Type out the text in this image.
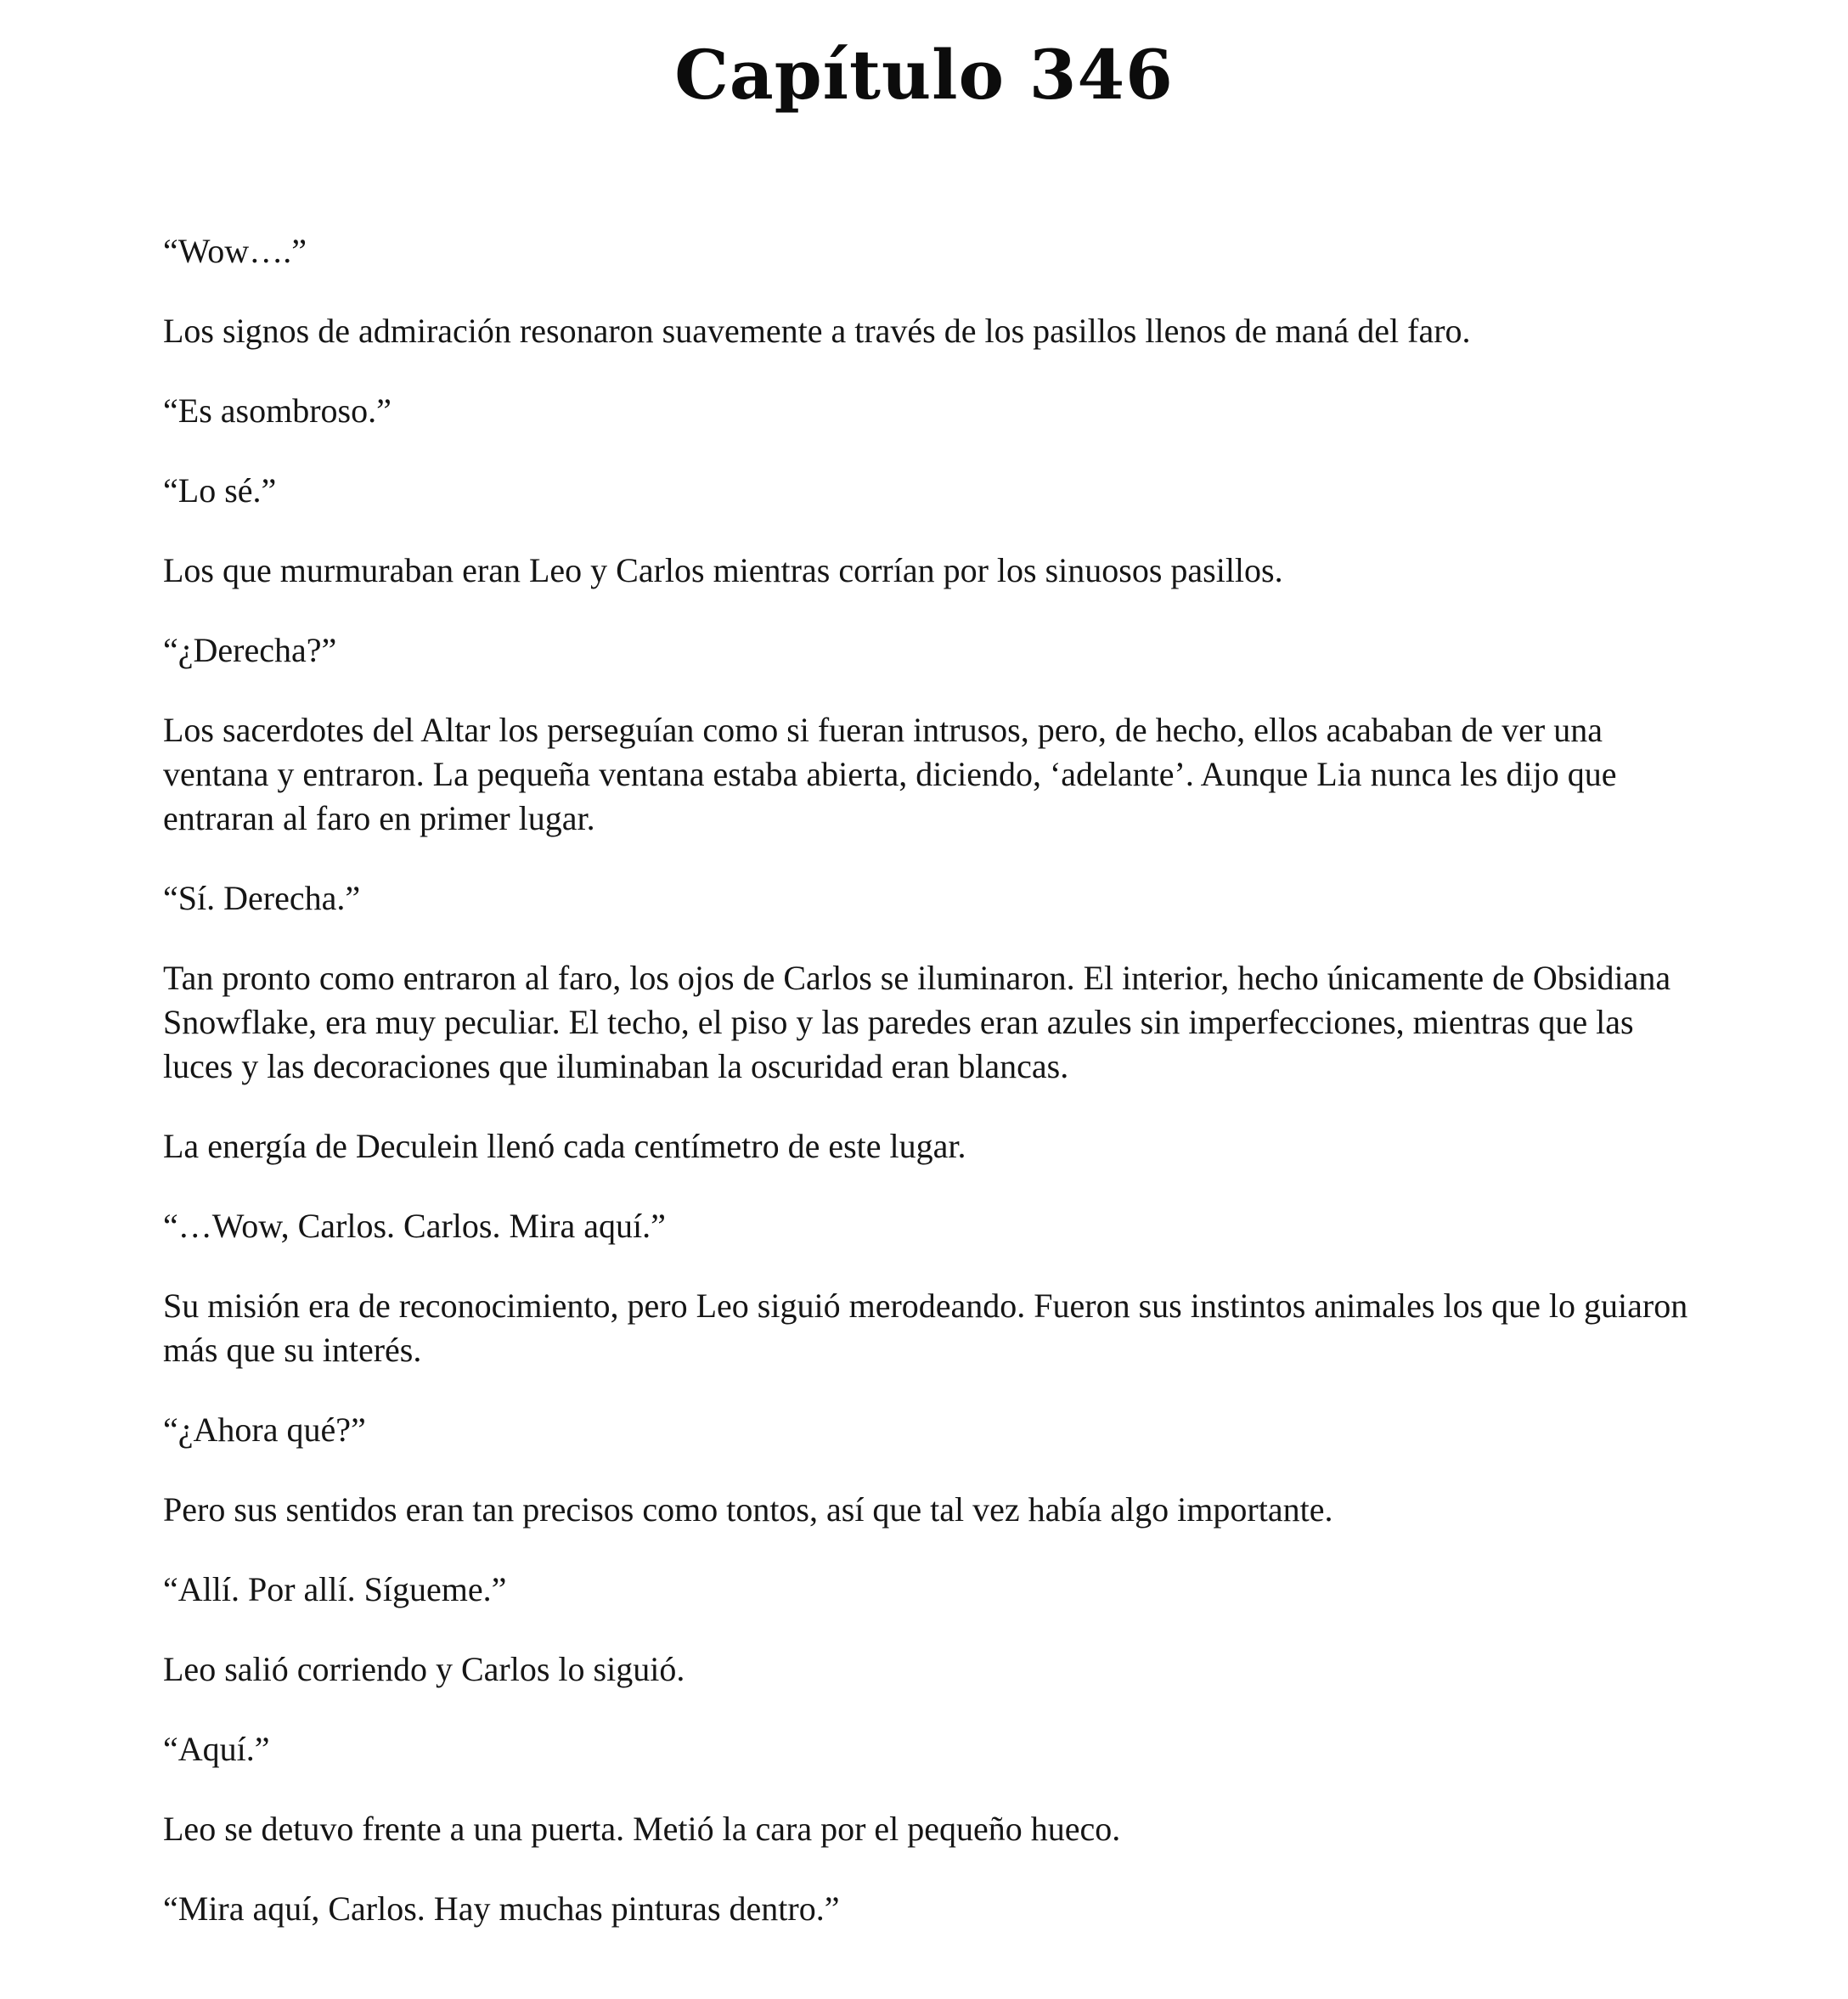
Capítulo 346

“Wow….”

Los signos de admiración resonaron suavemente a través de los pasillos llenos de maná del faro.

“Es asombroso.”

“Lo sé.”

Los que murmuraban eran Leo y Carlos mientras corrían por los sinuosos pasillos.

“¿Derecha?”

Los sacerdotes del Altar los perseguían como si fueran intrusos, pero, de hecho, ellos acababan de ver una ventana y entraron. La pequeña ventana estaba abierta, diciendo, ‘adelante’. Aunque Lia nunca les dijo que entraran al faro en primer lugar.

“Sí. Derecha.”

Tan pronto como entraron al faro, los ojos de Carlos se iluminaron. El interior, hecho únicamente de Obsidiana Snowflake, era muy peculiar. El techo, el piso y las paredes eran azules sin imperfecciones, mientras que las luces y las decoraciones que iluminaban la oscuridad eran blancas.

La energía de Deculein llenó cada centímetro de este lugar.

“…Wow, Carlos. Carlos. Mira aquí.”

Su misión era de reconocimiento, pero Leo siguió merodeando. Fueron sus instintos animales los que lo guiaron más que su interés.

“¿Ahora qué?”

Pero sus sentidos eran tan precisos como tontos, así que tal vez había algo importante.

“Allí. Por allí. Sígueme.”

Leo salió corriendo y Carlos lo siguió.

“Aquí.”

Leo se detuvo frente a una puerta. Metió la cara por el pequeño hueco.

“Mira aquí, Carlos. Hay muchas pinturas dentro.”
